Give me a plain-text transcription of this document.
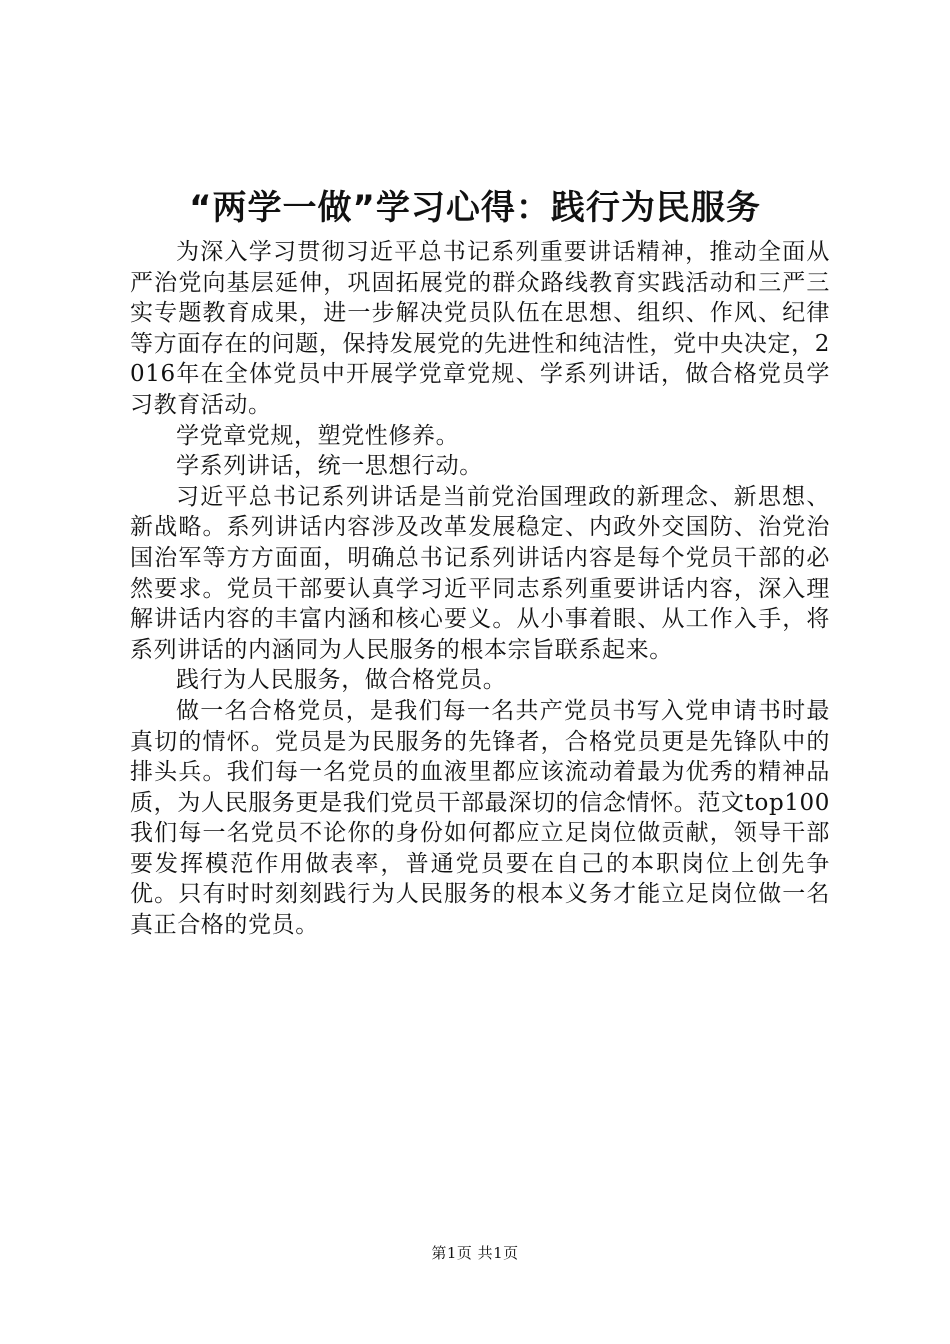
“两学一做”学习心得：践行为民服务

为深入学习贯彻习近平总书记系列重要讲话精神，推动全面从严治党向基层延伸，巩固拓展党的群众路线教育实践活动和三严三实专题教育成果，进一步解决党员队伍在思想、组织、作风、纪律等方面存在的问题，保持发展党的先进性和纯洁性，党中央决定，2016年在全体党员中开展学党章党规、学系列讲话，做合格党员学习教育活动。

学党章党规，塑党性修养。

学系列讲话，统一思想行动。

习近平总书记系列讲话是当前党治国理政的新理念、新思想、新战略。系列讲话内容涉及改革发展稳定、内政外交国防、治党治国治军等方方面面，明确总书记系列讲话内容是每个党员干部的必然要求。党员干部要认真学习近平同志系列重要讲话内容，深入理解讲话内容的丰富内涵和核心要义。从小事着眼、从工作入手，将系列讲话的内涵同为人民服务的根本宗旨联系起来。

践行为人民服务，做合格党员。

做一名合格党员，是我们每一名共产党员书写入党申请书时最真切的情怀。党员是为民服务的先锋者，合格党员更是先锋队中的排头兵。我们每一名党员的血液里都应该流动着最为优秀的精神品质，为人民服务更是我们党员干部最深切的信念情怀。范文top100我们每一名党员不论你的身份如何都应立足岗位做贡献，领导干部要发挥模范作用做表率，普通党员要在自己的本职岗位上创先争优。只有时时刻刻践行为人民服务的根本义务才能立足岗位做一名真正合格的党员。

第1页 共1页
